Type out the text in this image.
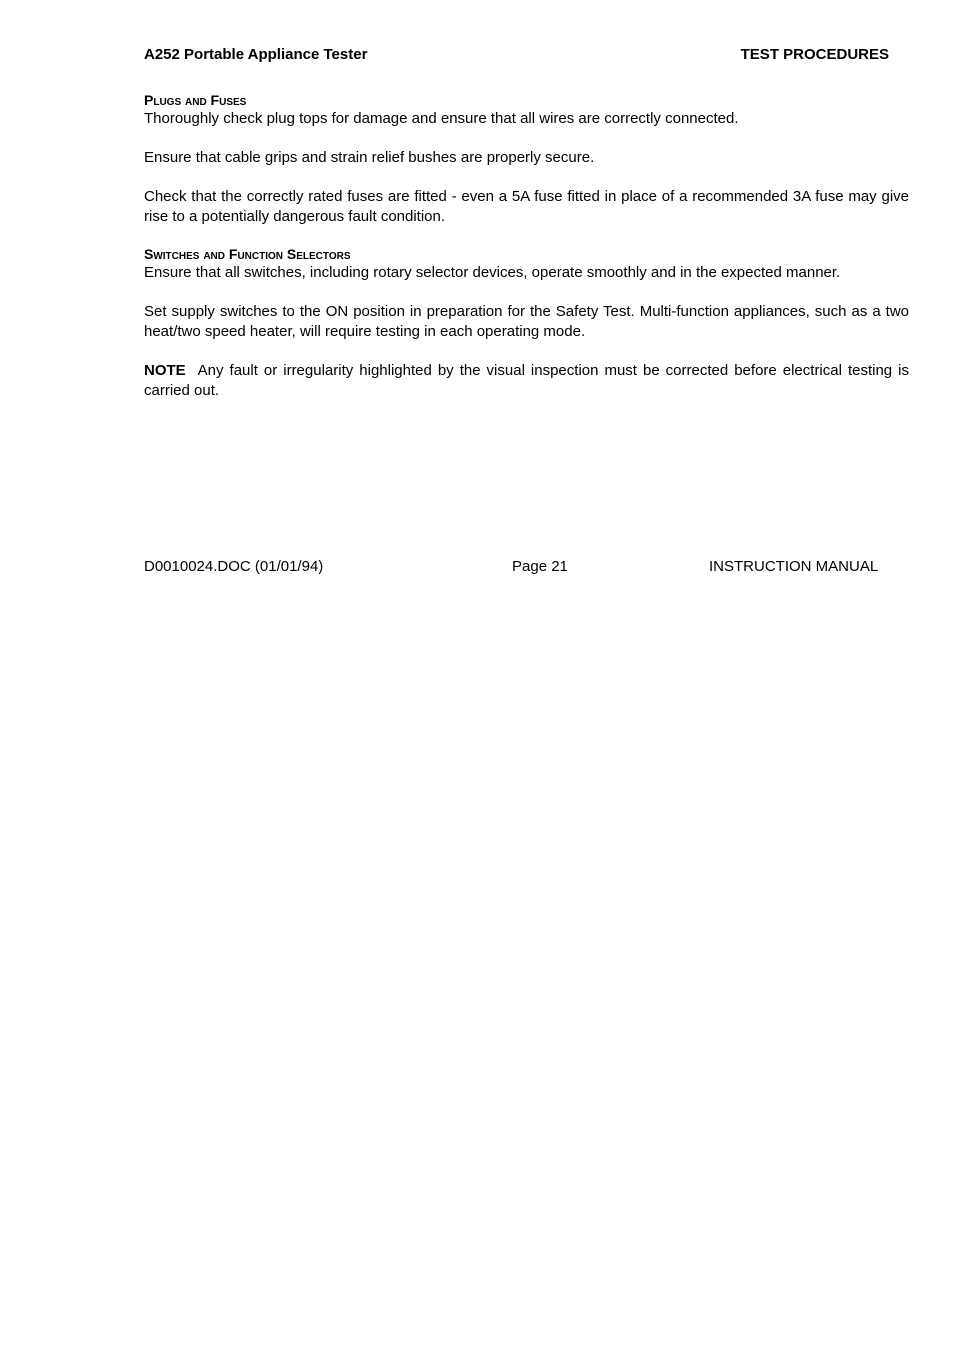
A252 Portable Appliance Tester	TEST PROCEDURES
Plugs and Fuses

Thoroughly check plug tops for damage and ensure that all wires are correctly connected.

Ensure that cable grips and strain relief bushes are properly secure.

Check that the correctly rated fuses are fitted - even a 5A fuse fitted in place of a recommended 3A fuse may give rise to a potentially dangerous fault condition.

Switches and Function Selectors

Ensure that all switches, including rotary selector devices, operate smoothly and in the expected manner.

Set supply switches to the ON position in preparation for the Safety Test. Multi-function appliances, such as a two heat/two speed heater, will require testing in each operating mode.

NOTE Any fault or irregularity highlighted by the visual inspection must be corrected before electrical testing is carried out.

D0010024.DOC (01/01/94)	Page 21	INSTRUCTION MANUAL
